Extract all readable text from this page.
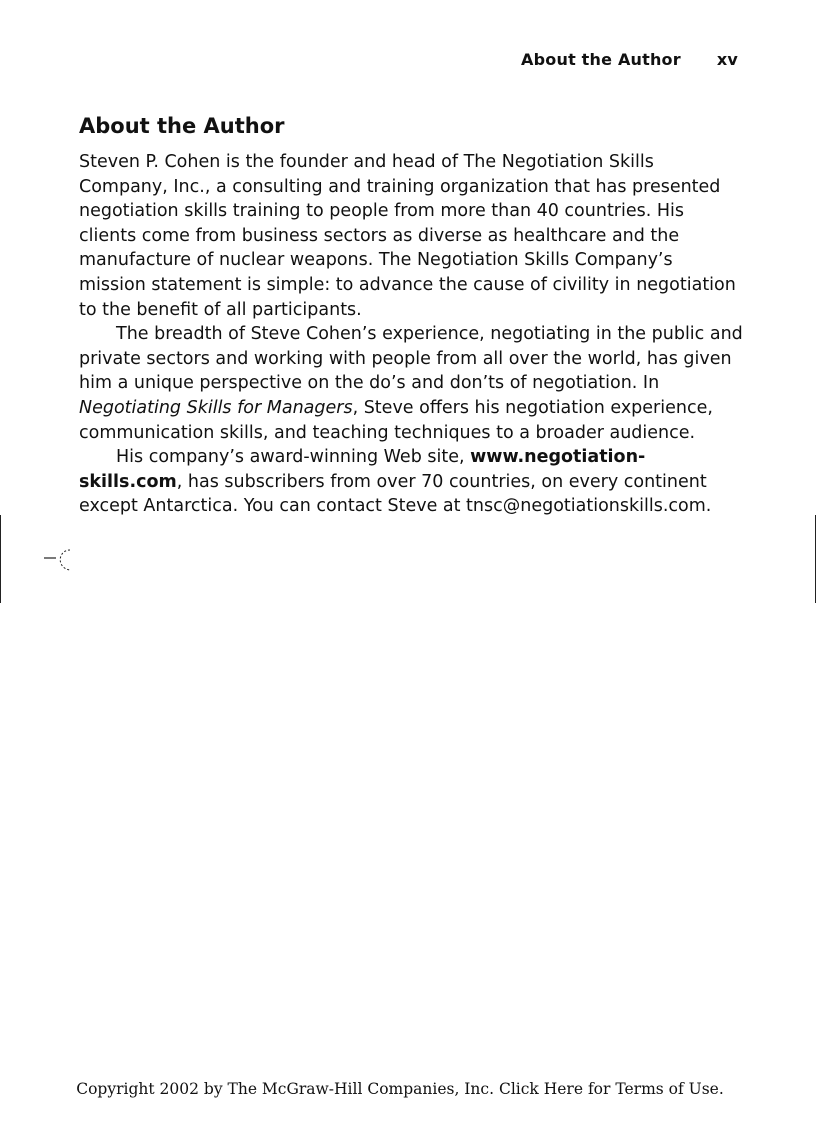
About the Author xv
About the Author

Steven P. Cohen is the founder and head of The Negotiation Skills Company, Inc., a consulting and training organization that has presented negotiation skills training to people from more than 40 countries. His clients come from business sectors as diverse as healthcare and the manufacture of nuclear weapons. The Negotiation Skills Company’s mission statement is simple: to advance the cause of civility in negotiation to the benefit of all participants.

The breadth of Steve Cohen’s experience, negotiating in the public and private sectors and working with people from all over the world, has given him a unique perspective on the do’s and don’ts of negotiation. In Negotiating Skills for Managers, Steve offers his negotiation experience, communication skills, and teaching techniques to a broader audience.

His company’s award-winning Web site, www.negotiation-skills.com, has subscribers from over 70 countries, on every continent except Antarctica. You can contact Steve at tnsc@negotiationskills.com.

Copyright 2002 by The McGraw-Hill Companies, Inc. Click Here for Terms of Use.
